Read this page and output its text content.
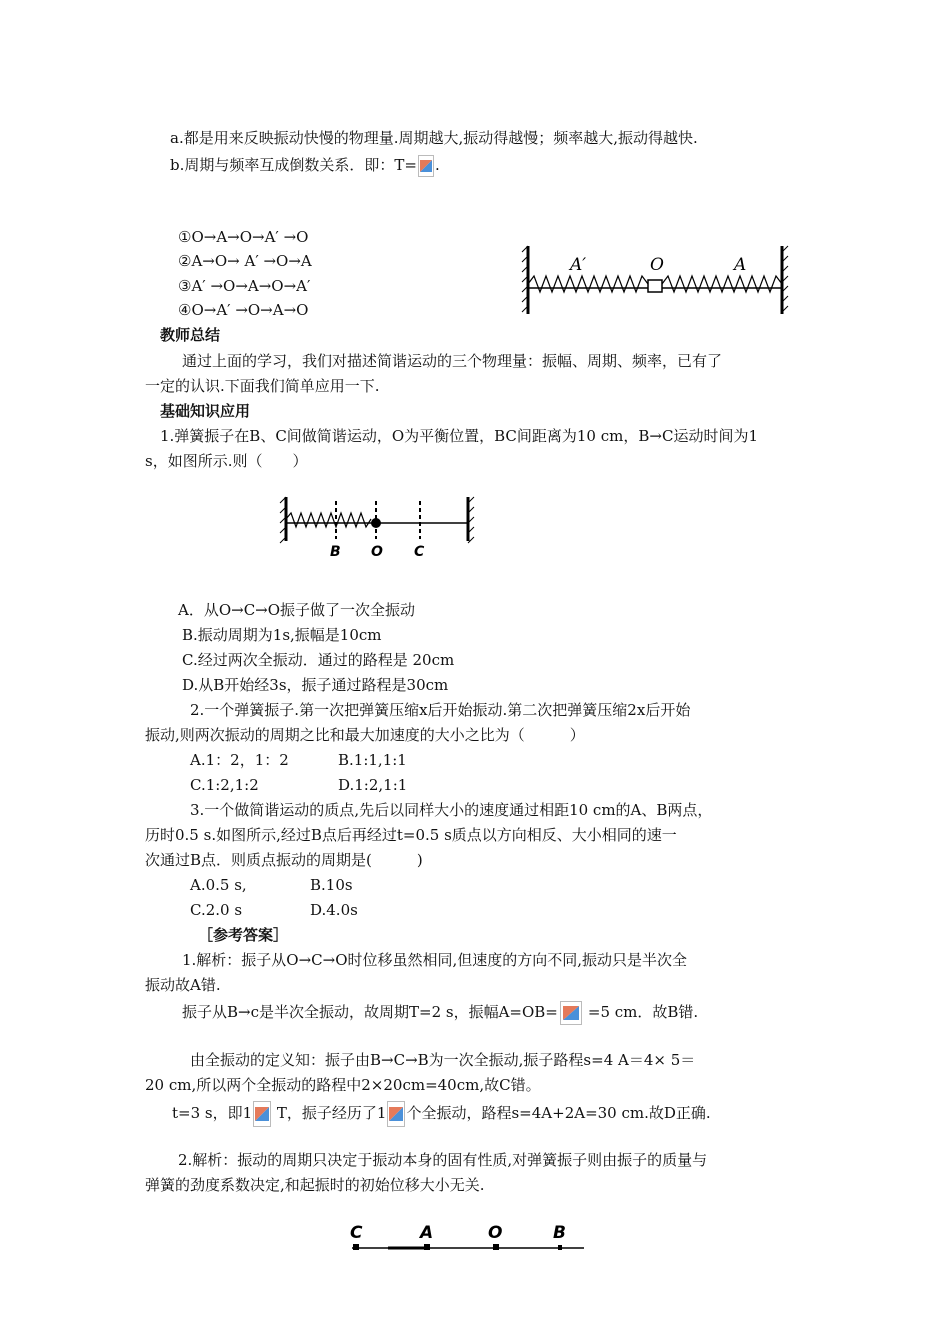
a.都是用来反映振动快慢的物理量.周期越大,振动得越慢；频率越大,振动得越快.
b.周期与频率互成倒数关系．即：T= .
①O→A→O→A′ →O
②A→O→ A′ →O→A
③A′ →O→A→O→A′
④O→A′ →O→A→O
A′	O	A
教师总结
通过上面的学习，我们对描述简谐运动的三个物理量：振幅、周期、频率，已有了
一定的认识.下面我们简单应用一下.
基础知识应用
1.弹簧振子在B、C间做简谐运动，O为平衡位置，BC间距离为10 cm，B→C运动时间为1
s，如图所示.则（　　）
B O C
A．从O→C→O振子做了一次全振动
B.振动周期为1s,振幅是10cm
C.经过两次全振动．通过的路程是 20cm
D.从B开始经3s，振子通过路程是30cm
2.一个弹簧振子.第一次把弹簧压缩x后开始振动.第二次把弹簧压缩2x后开始
振动,则两次振动的周期之比和最大加速度的大小之比为（　　　）
A.1：2，1：2	B.1:1,1:1
C.1:2,1:2	D.1:2,1:1
3.一个做简谐运动的质点,先后以同样大小的速度通过相距10 cm的A、B两点，
历时0.5 s.如图所示,经过B点后再经过t=0.5 s质点以方向相反、大小相同的速一
次通过B点．则质点振动的周期是(　　　)
A.0.5 s,	B.10s
C.2.0 s	D.4.0s
［参考答案］
1.解析：振子从O→C→O时位移虽然相同,但速度的方向不同,振动只是半次全
振动故A错.
振子从B→c是半次全振动，故周期T=2 s，振幅A=OB= =5 cm．故B错.
由全振动的定义知：振子由B→C→B为一次全振动,振子路程s=4 A＝4× 5＝
20 cm,所以两个全振动的路程中2×20cm=40cm,故C错。
t=3 s，即1
T，振子经历了1 个全振动，路程s=4A+2A=30 cm.故D正确.
2.解析：振动的周期只决定于振动本身的固有性质,对弹簧振子则由振子的质量与
弹簧的劲度系数决定,和起振时的初始位移大小无关.
C	A	O	B
